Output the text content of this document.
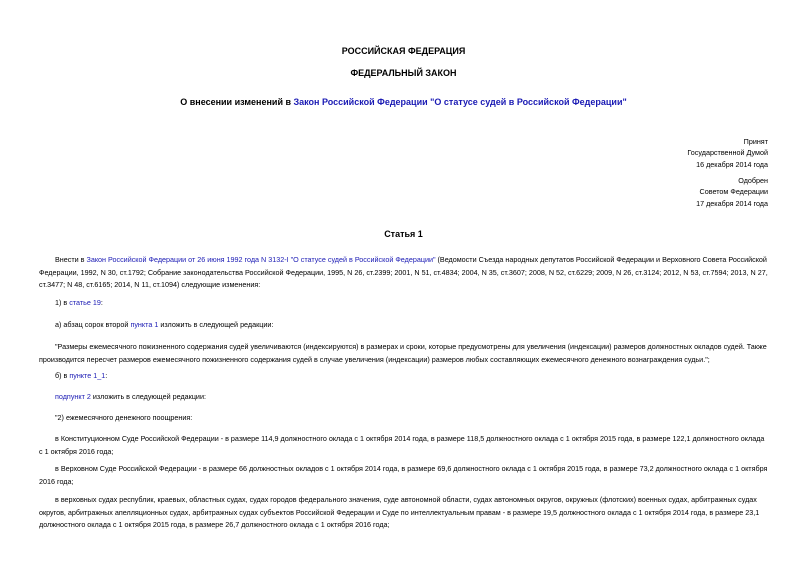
РОССИЙСКАЯ ФЕДЕРАЦИЯ
ФЕДЕРАЛЬНЫЙ ЗАКОН
О внесении изменений в Закон Российской Федерации "О статусе судей в Российской Федерации"
Принят
Государственной Думой
16 декабря 2014 года
Одобрен
Советом Федерации
17 декабря 2014 года
Статья 1
Внести в Закон Российской Федерации от 26 июня 1992 года N 3132-I "О статусе судей в Российской Федерации" (Ведомости Съезда народных депутатов Российской Федерации и Верховного Совета Российской Федерации, 1992, N 30, ст.1792; Собрание законодательства Российской Федерации, 1995, N 26, ст.2399; 2001, N 51, ст.4834; 2004, N 35, ст.3607; 2008, N 52, ст.6229; 2009, N 26, ст.3124; 2012, N 53, ст.7594; 2013, N 27, ст.3477; N 48, ст.6165; 2014, N 11, ст.1094) следующие изменения:
1) в статье 19:
а) абзац сорок второй пункта 1 изложить в следующей редакции:
"Размеры ежемесячного пожизненного содержания судей увеличиваются (индексируются) в размерах и сроки, которые предусмотрены для увеличения (индексации) размеров должностных окладов судей. Также производится пересчет размеров ежемесячного пожизненного содержания судей в случае увеличения (индексации) размеров любых составляющих ежемесячного денежного вознаграждения судьи.";
б) в пункте 1_1:
подпункт 2 изложить в следующей редакции:
"2) ежемесячного денежного поощрения:
в Конституционном Суде Российской Федерации - в размере 114,9 должностного оклада с 1 октября 2014 года, в размере 118,5 должностного оклада с 1 октября 2015 года, в размере 122,1 должностного оклада с 1 октября 2016 года;
в Верховном Суде Российской Федерации - в размере 66 должностных окладов с 1 октября 2014 года, в размере 69,6 должностного оклада с 1 октября 2015 года, в размере 73,2 должностного оклада с 1 октября 2016 года;
в верховных судах республик, краевых, областных судах, судах городов федерального значения, суде автономной области, судах автономных округов, окружных (флотских) военных судах, арбитражных судах округов, арбитражных апелляционных судах, арбитражных судах субъектов Российской Федерации и Суде по интеллектуальным правам - в размере 19,5 должностного оклада с 1 октября 2014 года, в размере 23,1 должностного оклада с 1 октября 2015 года, в размере 26,7 должностного оклада с 1 октября 2016 года;
